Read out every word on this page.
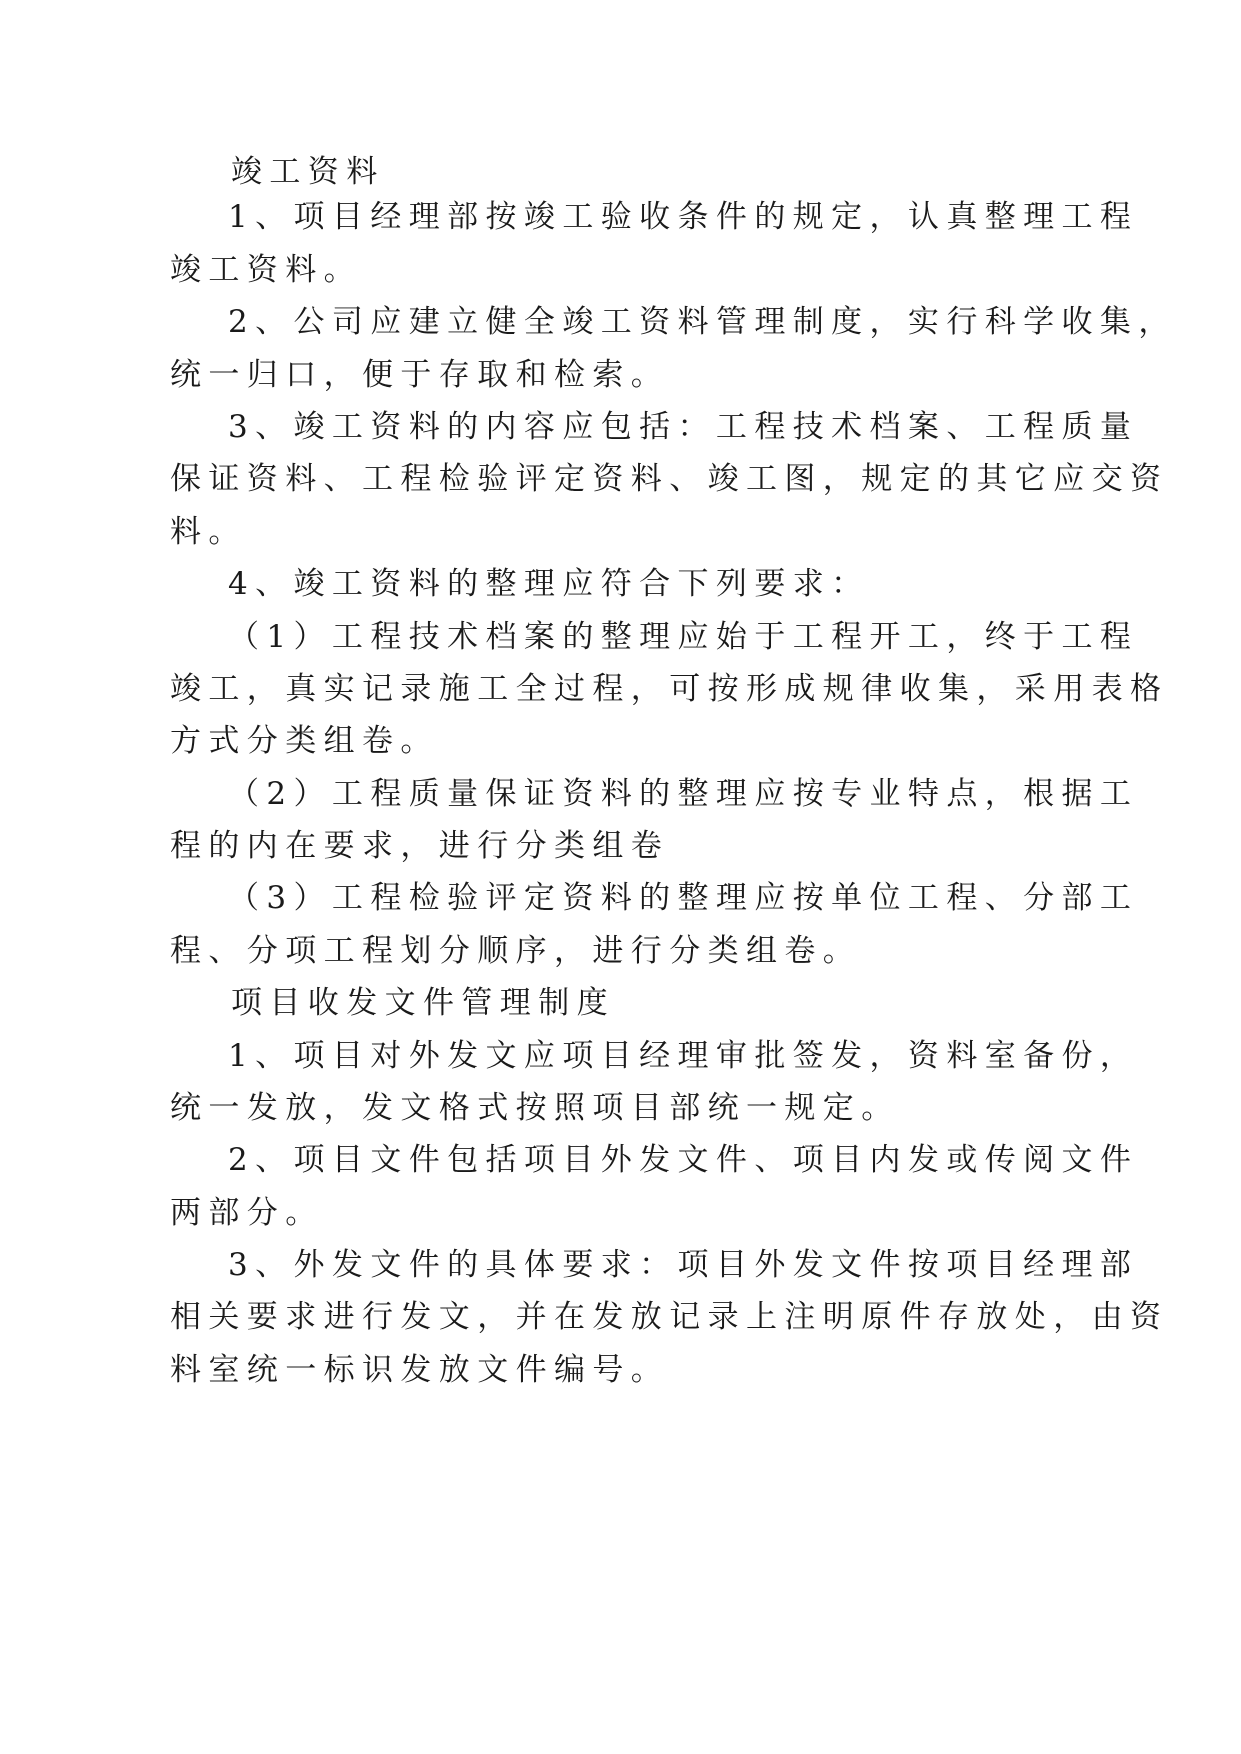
竣工资料
1、项目经理部按竣工验收条件的规定，认真整理工程
竣工资料。
2、公司应建立健全竣工资料管理制度，实行科学收集，
统一归口，便于存取和检索。
3、竣工资料的内容应包括：工程技术档案、工程质量
保证资料、工程检验评定资料、竣工图，规定的其它应交资
料。
4、竣工资料的整理应符合下列要求：
（1）工程技术档案的整理应始于工程开工，终于工程
竣工，真实记录施工全过程，可按形成规律收集，采用表格
方式分类组卷。
（2）工程质量保证资料的整理应按专业特点，根据工
程的内在要求，进行分类组卷
（3）工程检验评定资料的整理应按单位工程、分部工
程、分项工程划分顺序，进行分类组卷。
项目收发文件管理制度
1、项目对外发文应项目经理审批签发，资料室备份，
统一发放，发文格式按照项目部统一规定。
2、项目文件包括项目外发文件、项目内发或传阅文件
两部分。
3、外发文件的具体要求：项目外发文件按项目经理部
相关要求进行发文，并在发放记录上注明原件存放处，由资
料室统一标识发放文件编号。
